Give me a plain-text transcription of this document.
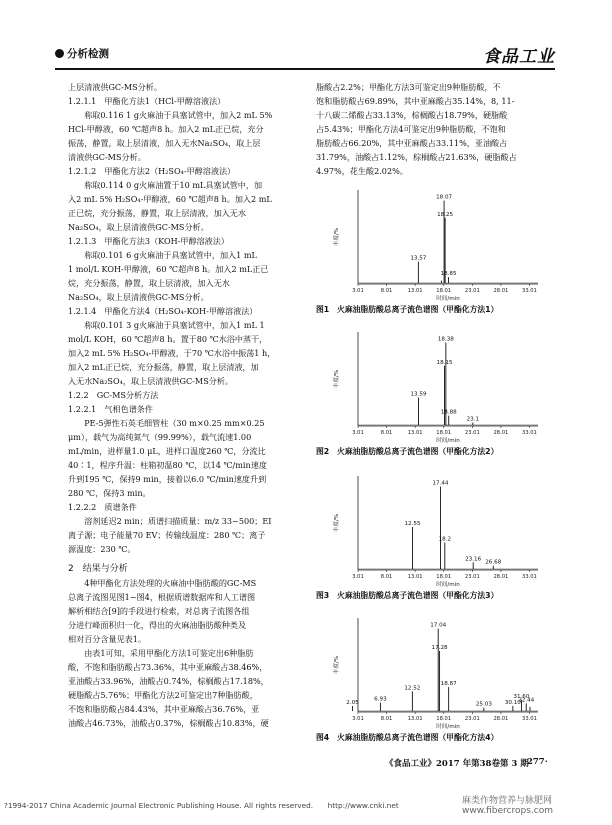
分析检测	食品工业

上层清液供GC-MS分析。

1.2.1.1　甲酯化方法1（HCl-甲醇溶液法）

称取0.116 1 g火麻油于具塞试管中，加入2 mL 5%

HCl-甲醇液，60 ℃超声8 h。加入2 mL正已烷，充分

振荡，静置，取上层清液，加入无水Na₂SO₄，取上层

清液供GC-MS分析。

1.2.1.2　甲酯化方法2（H₂SO₄-甲醇溶液法）

称取0.114 0 g火麻油置于10 mL具塞试管中，加

入2 mL 5% H₂SO₄-甲醇液，60 ℃超声8 h。加入2 mL

正已烷，充分振荡，静置，取上层清液，加入无水

Na₂SO₄，取上层清液供GC-MS分析。

1.2.1.3　甲酯化方法3（KOH-甲醇溶液法）

称取0.101 6 g火麻油于具塞试管中，加入1 mL

1 mol/L KOH-甲醇液，60 ℃超声8 h。加入2 mL正已

烷，充分振荡，静置，取上层清液，加入无水

Na₂SO₄，取上层清液供GC-MS分析。

1.2.1.4　甲酯化方法4（H₂SO₄-KOH-甲醇溶液法）

称取0.101 3 g火麻油于具塞试管中，加入1 mL 1

mol/L KOH，60 ℃超声8 h。置于80 ℃水浴中蒸干，

加入2 mL 5% H₂SO₄-甲醇液，于70 ℃水浴中振荡1 h，

加入2 mL正已烷，充分振荡，静置，取上层清液，加

入无水Na₂SO₄，取上层清液供GC-MS分析。

1.2.2　GC-MS分析方法

1.2.2.1　气相色谱条件

PE-5弹性石英毛细管柱（30 m×0.25 mm×0.25

μm），载气为高纯氮气（99.99%），载气流速1.00

mL/min，进样量1.0 μL，进样口温度260 ℃，分流比

40∶1，程序升温：柱箱初温80 ℃，以14 ℃/min速度

升到195 ℃，保持9 min，接着以6.0 ℃/min速度升到

280 ℃，保持3 min。

1.2.2.2　质谱条件

溶剂延迟2 min；质谱扫描质量：m/z 33~500；EI

离子源；电子能量70 EV；传输线温度：280 ℃；离子

源温度：230 ℃。

2　结果与分析

4种甲酯化方法处理的火麻油中脂肪酸的GC-MS

总离子流图见图1~图4，根据质谱数据库和人工谱图

解析相结合[9]的手段进行检索，对总离子流图各组

分进行峰面积归一化，得出的火麻油脂肪酸种类及

相对百分含量见表1。

由表1可知，采用甲酯化方法1可鉴定出6种脂肪

酸，不饱和脂肪酸占73.36%，其中亚麻酸占38.46%，

亚油酸占33.96%，油酸占0.74%，棕榈酸占17.18%，

硬脂酸占5.76%；甲酯化方法2可鉴定出7种脂肪酸，

不饱和脂肪酸占84.43%，其中亚麻酸占36.76%，亚

油酸占46.73%，油酸占0.37%，棕榈酸占10.83%，硬

脂酸占2.2%；甲酯化方法3可鉴定出9种脂肪酸，不

饱和脂肪酸占69.89%，其中亚麻酸占35.14%，8, 11-

十八碳二烯酸占33.13%，棕榈酸占18.79%，硬脂酸

占5.43%；甲酯化方法4可鉴定出9种脂肪酸，不饱和

脂肪酸占66.20%，其中亚麻酸占33.11%，亚油酸占

31.79%，油酸占1.12%，棕榈酸占21.63%，硬脂酸占

4.97%，花生酸2.02%。

丰度/%
3.01	8.01	13.01	18.01	23.01	28.01	33.01
时间/min
13.57
18.07
18.25
18.85
图1　火麻油脂肪酸总离子流色谱图（甲酯化方法1）
丰度/%
3.01	8.01	13.01	18.01	23.01	28.01	33.01
时间/min
13.59
18.15
18.38
18.88
23.1
图2　火麻油脂肪酸总离子流色谱图（甲酯化方法2）
丰度/%
3.01	8.01	13.01	18.01	23.01	28.01	33.01
时间/min
12.55
17.44
18.2
23.16
26.68
图3　火麻油脂肪酸总离子流色谱图（甲酯化方法3）
丰度/%
3.01	8.01	13.01	18.01	23.01	28.01	33.01
时间/min
2.05
6.93
12.52
17.04
17.28
18.87
25.03 30.10
31.60
32.44
图4　火麻油脂肪酸总离子流色谱图（甲酯化方法4）
《食品工业》2017 年第38卷第 3 期
·277·
?1994-2017 China Academic Journal Electronic Publishing House. All rights reserved.　　http://www.cnki.net	麻类作物营养与脉肥网
www.fibercrops.com
